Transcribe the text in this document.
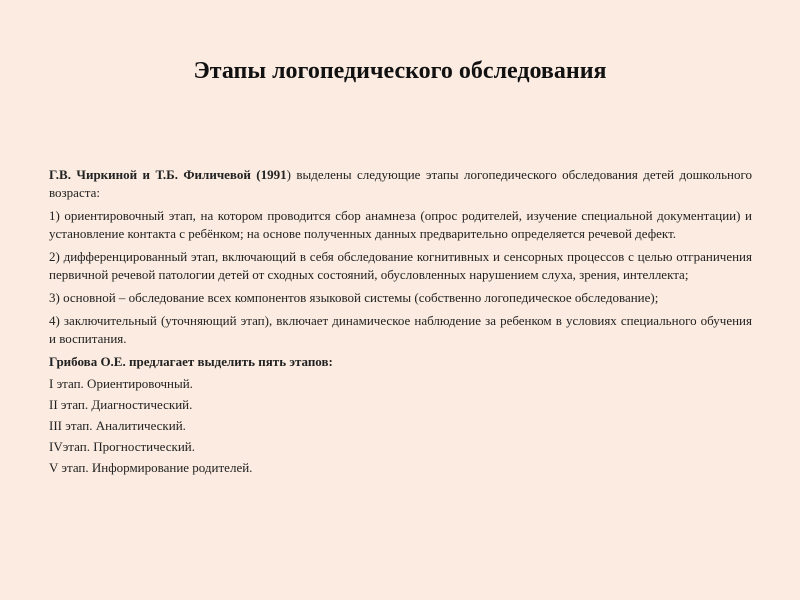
Этапы логопедического обследования

Г.В. Чиркиной и Т.Б. Филичевой (1991) выделены следующие этапы логопедического обследования детей дошкольного возраста:

1) ориентировочный этап, на котором проводится сбор анамнеза (опрос родителей, изучение специальной документации) и установление контакта с ребёнком; на основе полученных данных предварительно определяется речевой дефект.

2) дифференцированный этап, включающий в себя обследование когнитивных и сенсорных процессов с целью отграничения первичной речевой патологии детей от сходных состояний, обусловленных нарушением слуха, зрения, интеллекта;

3) основной – обследование всех компонентов языковой системы (собственно логопедическое обследование);

4) заключительный (уточняющий этап), включает динамическое наблюдение за ребенком в условиях специального обучения и воспитания.

Грибова О.Е. предлагает выделить пять этапов:

I этап. Ориентировочный.

II этап. Диагностический.

III этап. Аналитический.

IVэтап. Прогностический.

V этап. Информирование родителей.
